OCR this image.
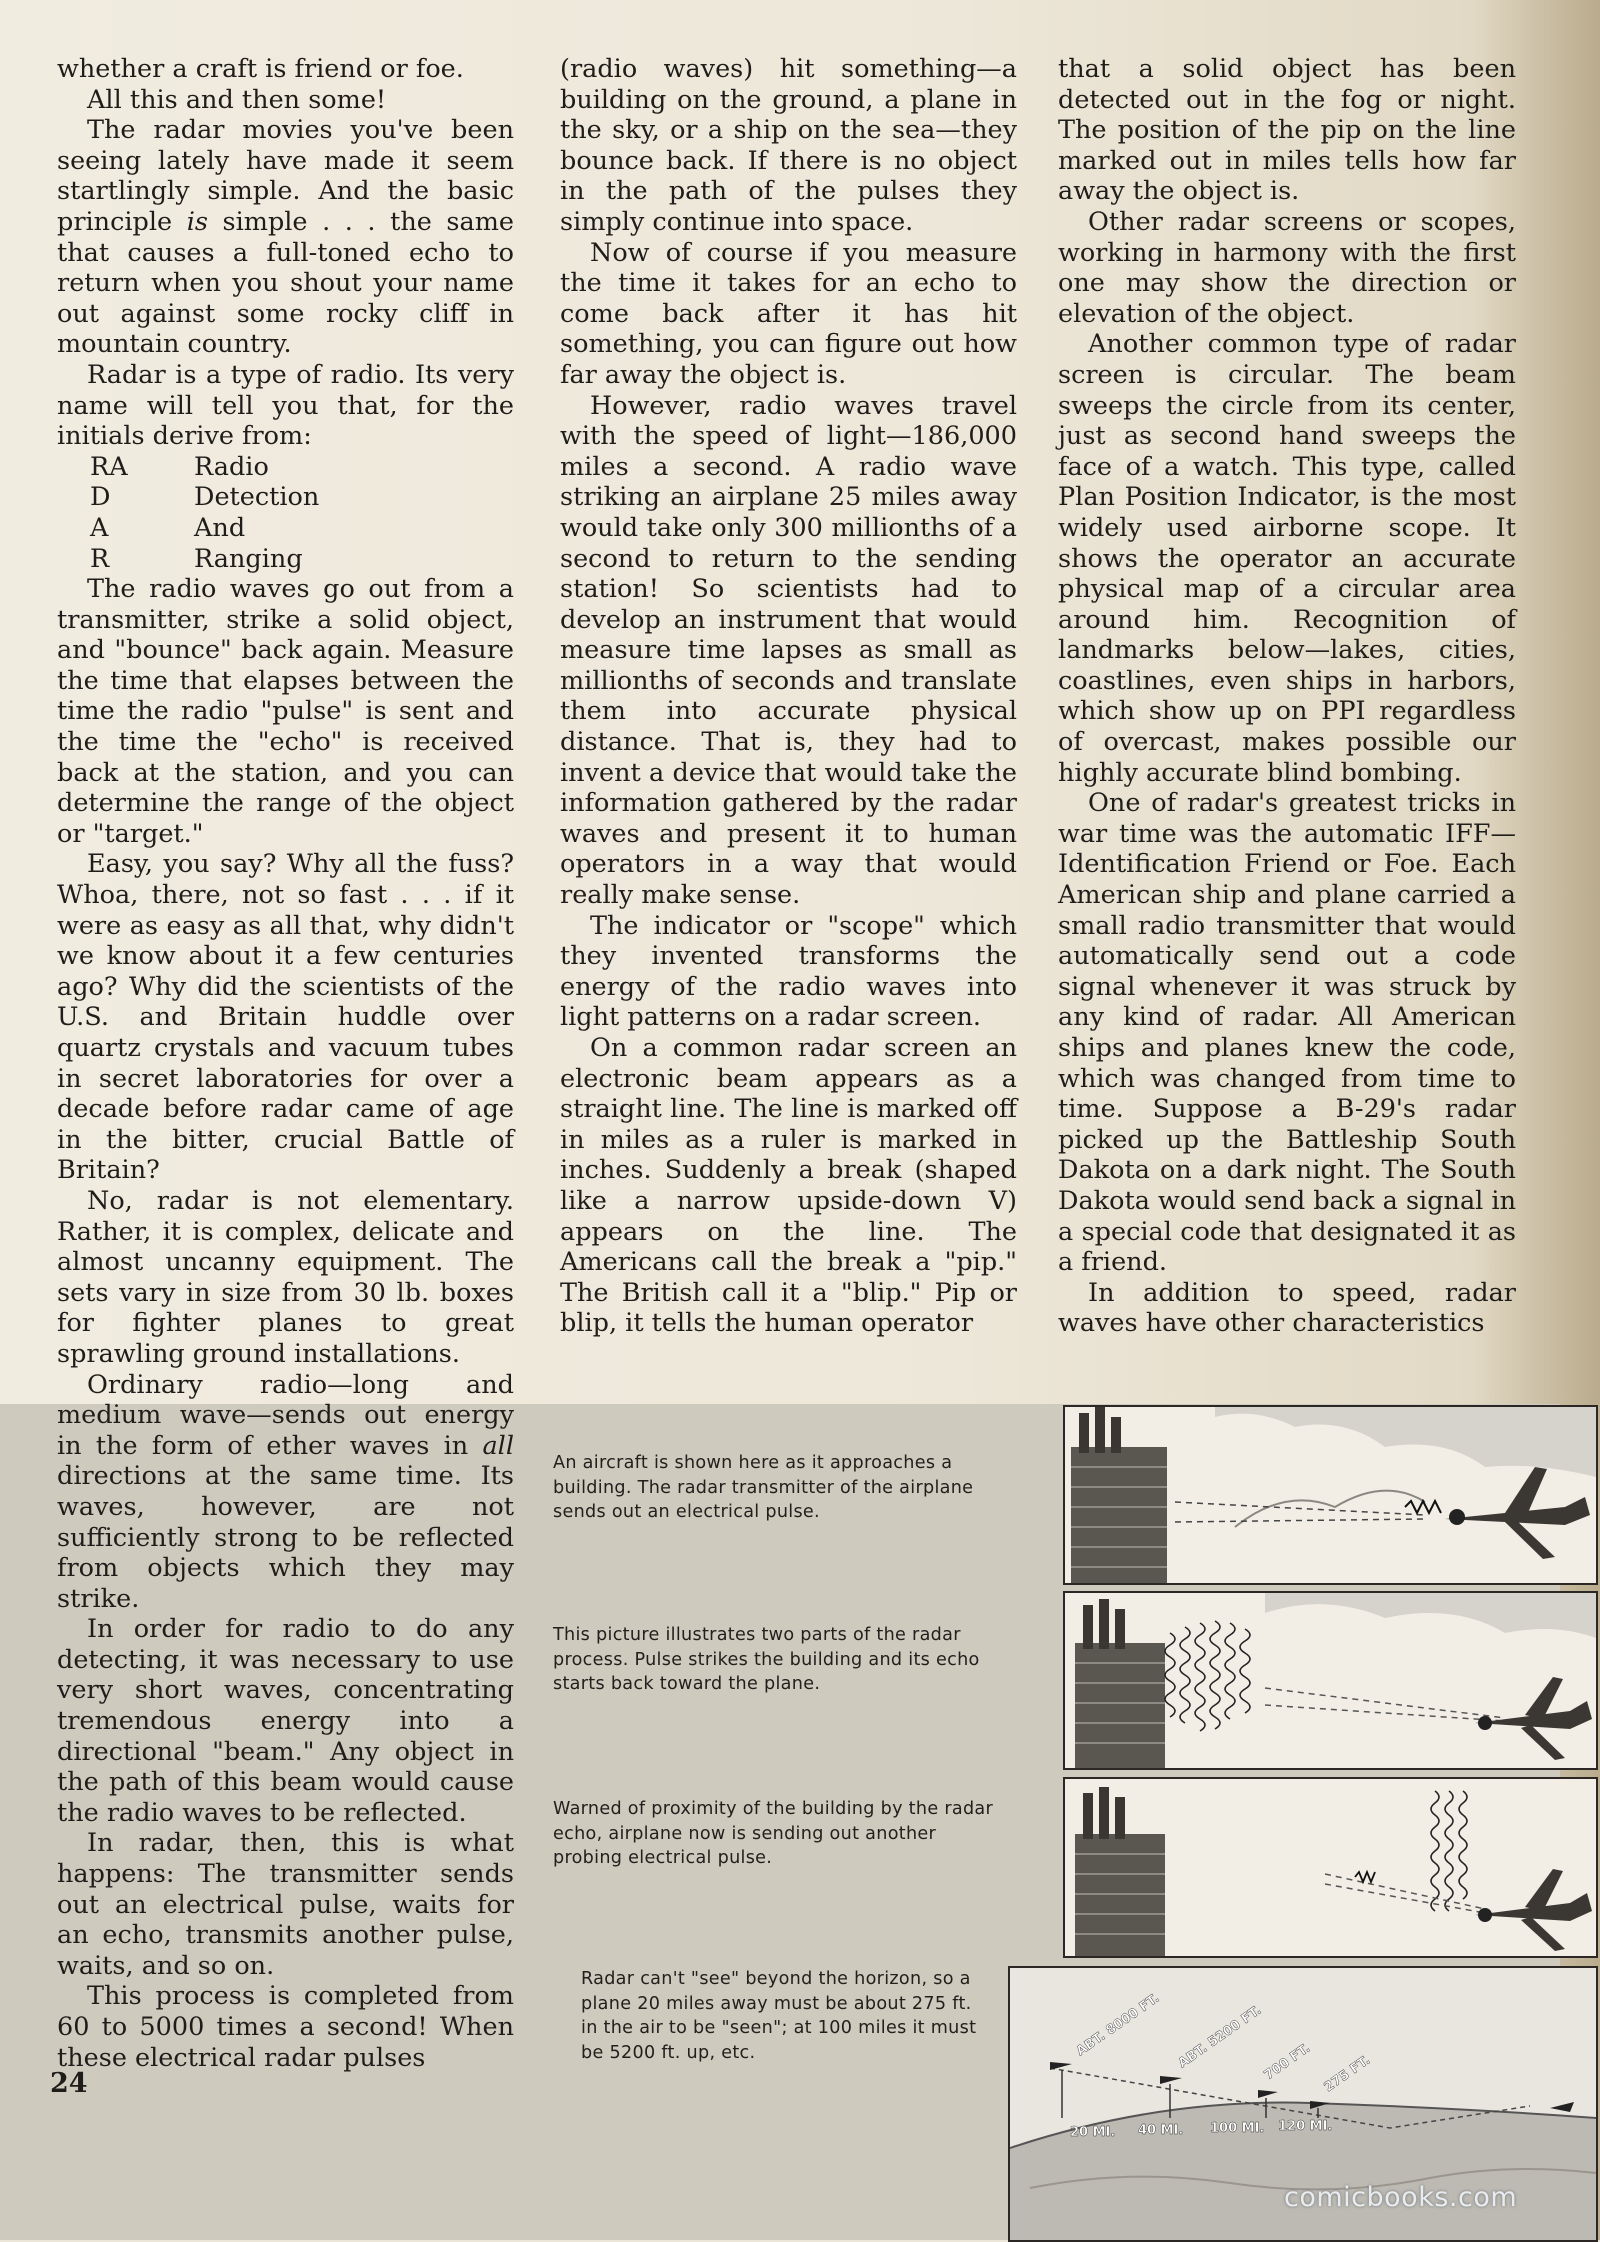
whether a craft is friend or foe.

All this and then some!

The radar movies you've been seeing lately have made it seem startlingly simple. And the basic principle is simple . . . the same that causes a full-toned echo to return when you shout your name out against some rocky cliff in mountain country.

Radar is a type of radio. Its very name will tell you that, for the initials derive from:

RA	Radio
D	Detection
A	And
R	Ranging

The radio waves go out from a transmitter, strike a solid object, and "bounce" back again. Measure the time that elapses between the time the radio "pulse" is sent and the time the "echo" is received back at the station, and you can determine the range of the object or "target."

Easy, you say? Why all the fuss? Whoa, there, not so fast . . . if it were as easy as all that, why didn't we know about it a few centuries ago? Why did the scientists of the U.S. and Britain huddle over quartz crystals and vacuum tubes in secret laboratories for over a decade before radar came of age in the bitter, crucial Battle of Britain?

No, radar is not elementary. Rather, it is complex, delicate and almost uncanny equipment. The sets vary in size from 30 lb. boxes for fighter planes to great sprawling ground installations.

Ordinary radio—long and medium wave—sends out energy in the form of ether waves in all directions at the same time. Its waves, however, are not sufficiently strong to be reflected from objects which they may strike.

In order for radio to do any detecting, it was necessary to use very short waves, concentrating tremendous energy into a directional "beam." Any object in the path of this beam would cause the radio waves to be reflected.

In radar, then, this is what happens: The transmitter sends out an electrical pulse, waits for an echo, transmits another pulse, waits, and so on.

This process is completed from 60 to 5000 times a second! When these electrical radar pulses

(radio waves) hit something—a building on the ground, a plane in the sky, or a ship on the sea—they bounce back. If there is no object in the path of the pulses they simply continue into space.

Now of course if you measure the time it takes for an echo to come back after it has hit something, you can figure out how far away the object is.

However, radio waves travel with the speed of light—186,000 miles a second. A radio wave striking an airplane 25 miles away would take only 300 millionths of a second to return to the sending station! So scientists had to develop an instrument that would measure time lapses as small as millionths of seconds and translate them into accurate physical distance. That is, they had to invent a device that would take the information gathered by the radar waves and present it to human operators in a way that would really make sense.

The indicator or "scope" which they invented transforms the energy of the radio waves into light patterns on a radar screen.

On a common radar screen an electronic beam appears as a straight line. The line is marked off in miles as a ruler is marked in inches. Suddenly a break (shaped like a narrow upside-down V) appears on the line. The Americans call the break a "pip." The British call it a "blip." Pip or blip, it tells the human operator

that a solid object has been detected out in the fog or night. The position of the pip on the line marked out in miles tells how far away the object is.

Other radar screens or scopes, working in harmony with the first one may show the direction or elevation of the object.

Another common type of radar screen is circular. The beam sweeps the circle from its center, just as second hand sweeps the face of a watch. This type, called Plan Position Indicator, is the most widely used airborne scope. It shows the operator an accurate physical map of a circular area around him. Recognition of landmarks below—lakes, cities, coastlines, even ships in harbors, which show up on PPI regardless of overcast, makes possible our highly accurate blind bombing.

One of radar's greatest tricks in war time was the automatic IFF—Identification Friend or Foe. Each American ship and plane carried a small radio transmitter that would automatically send out a code signal whenever it was struck by any kind of radar. All American ships and planes knew the code, which was changed from time to time. Suppose a B-29's radar picked up the Battleship South Dakota on a dark night. The South Dakota would send back a signal in a special code that designated it as a friend.

In addition to speed, radar waves have other characteristics

24
An aircraft is shown here as it approaches a building. The radar transmitter of the airplane sends out an electrical pulse.
This picture illustrates two parts of the radar process. Pulse strikes the building and its echo starts back toward the plane.
Warned of proximity of the building by the radar echo, airplane now is sending out another probing electrical pulse.
Radar can't "see" beyond the horizon, so a plane 20 miles away must be about 275 ft. in the air to be "seen"; at 100 miles it must be 5200 ft. up, etc.	ABT. 8000 FT. ABT. 5200 FT.
700 FT. 275 FT.
20 MI. 40 MI. 100 MI. 120 MI.
comicbooks.com
